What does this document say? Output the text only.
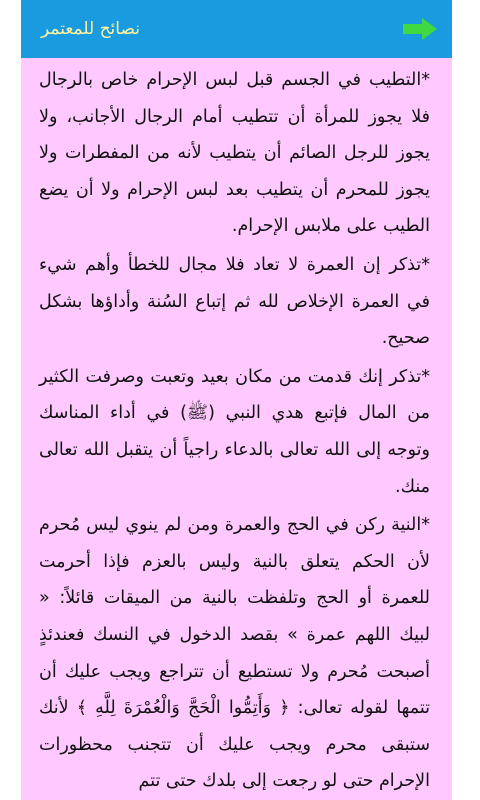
نصائح للمعتمر

*التطيب في الجسم قبل لبس الإحرام خاص بالرجال فلا يجوز للمرأة أن تتطيب أمام الرجال الأجانب، ولا يجوز للرجل الصائم أن يتطيب لأنه من المفطرات ولا يجوز للمحرم أن يتطيب بعد لبس الإحرام ولا أن يضع الطيب على ملابس الإحرام.

*تذكر إن العمرة لا تعاد فلا مجال للخطأ وأهم شيء في العمرة الإخلاص لله ثم إتباع السُنة وأداؤها بشكل صحيح.

*تذكر إنك قدمت من مكان بعيد وتعبت وصرفت الكثير من المال فإتبع هدي النبي (ﷺ) في أداء المناسك وتوجه إلى الله تعالى بالدعاء راجياً أن يتقبل الله تعالى منك.

*النية ركن في الحج والعمرة ومن لم ينوي ليس مُحرم لأن الحكم يتعلق بالنية وليس بالعزم فإذا أحرمت للعمرة أو الحج وتلفظت بالنية من الميقات قائلاً: « لبيك اللهم عمرة » بقصد الدخول في النسك فعندئذٍ أصبحت مُحرم ولا تستطيع أن تتراجع ويجب عليك أن تتمها لقوله تعالى: ﴿ وَأَتِمُّوا الْحَجَّ وَالْعُمْرَةَ لِلَّهِ ﴾ لأنك ستبقى محرم ويجب عليك أن تتجنب محظورات الإحرام حتى لو رجعت إلى بلدك حتى تتم
